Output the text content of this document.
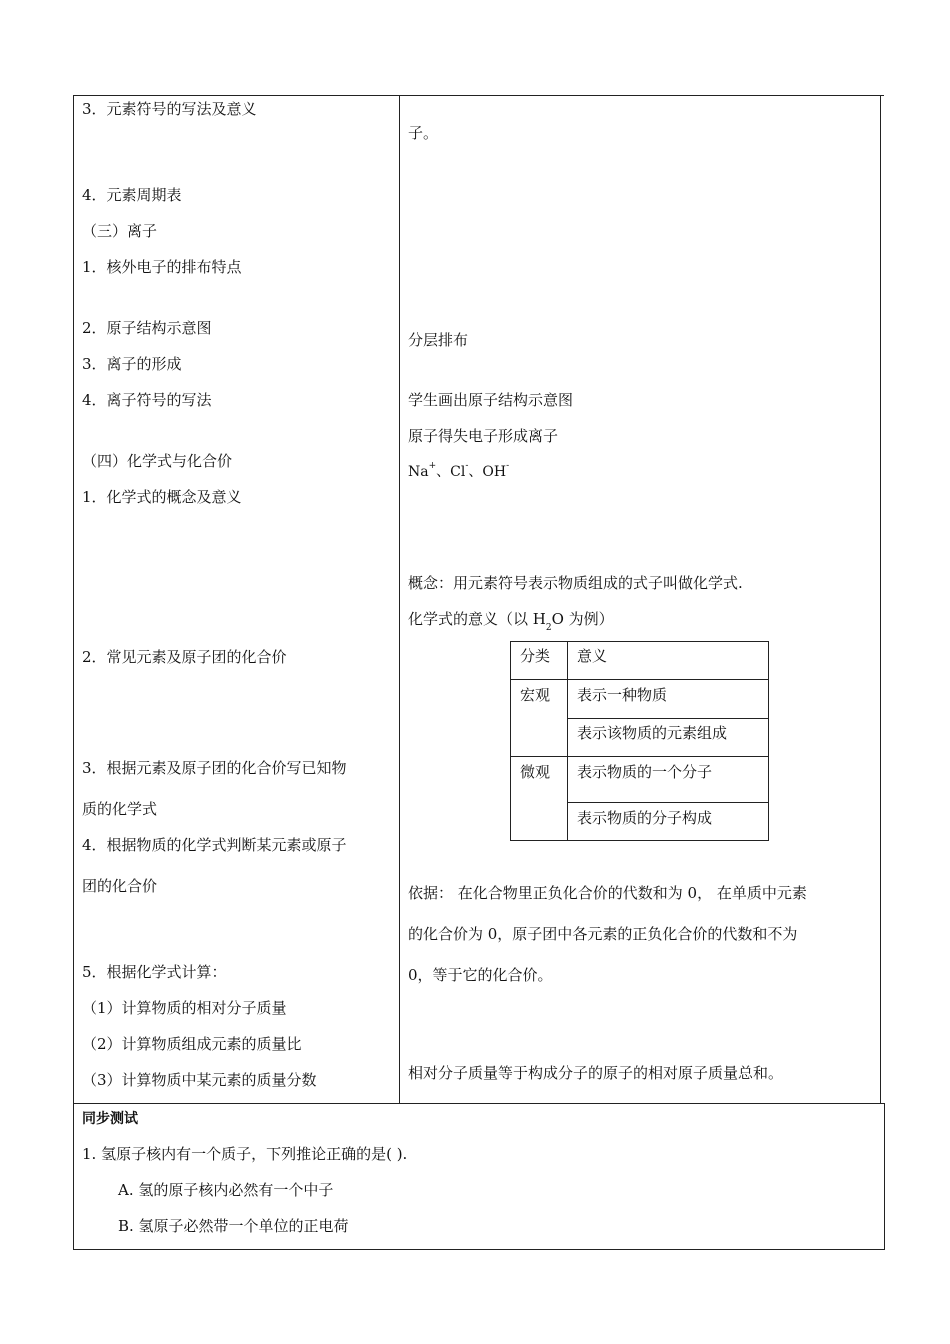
3．元素符号的写法及意义
4．元素周期表
（三）离子
1．核外电子的排布特点
2．原子结构示意图
3．离子的形成
4．离子符号的写法
（四）化学式与化合价
1．化学式的概念及意义
2．常见元素及原子团的化合价
3．根据元素及原子团的化合价写已知物
质的化学式
4．根据物质的化学式判断某元素或原子
团的化合价
5．根据化学式计算：
（1）计算物质的相对分子质量
（2）计算物质组成元素的质量比
（3）计算物质中某元素的质量分数
子。
分层排布
学生画出原子结构示意图
原子得失电子形成离子
Na+、Cl-、OH-
概念：用元素符号表示物质组成的式子叫做化学式.
化学式的意义（以 $H_2O$ 为例）
分类 意义
宏观 表示一种物质
表示该物质的元素组成
微观 表示物质的一个分子
表示物质的分子构成
依据： 在化合物里正负化合价的代数和为 0， 在单质中元素
的化合价为 0，原子团中各元素的正负化合价的代数和不为
0，等于它的化合价。
相对分子质量等于构成分子的原子的相对原子质量总和。
同步测试
1. 氢原子核内有一个质子，下列推论正确的是( ).
A. 氢的原子核内必然有一个中子
B. 氢原子必然带一个单位的正电荷
